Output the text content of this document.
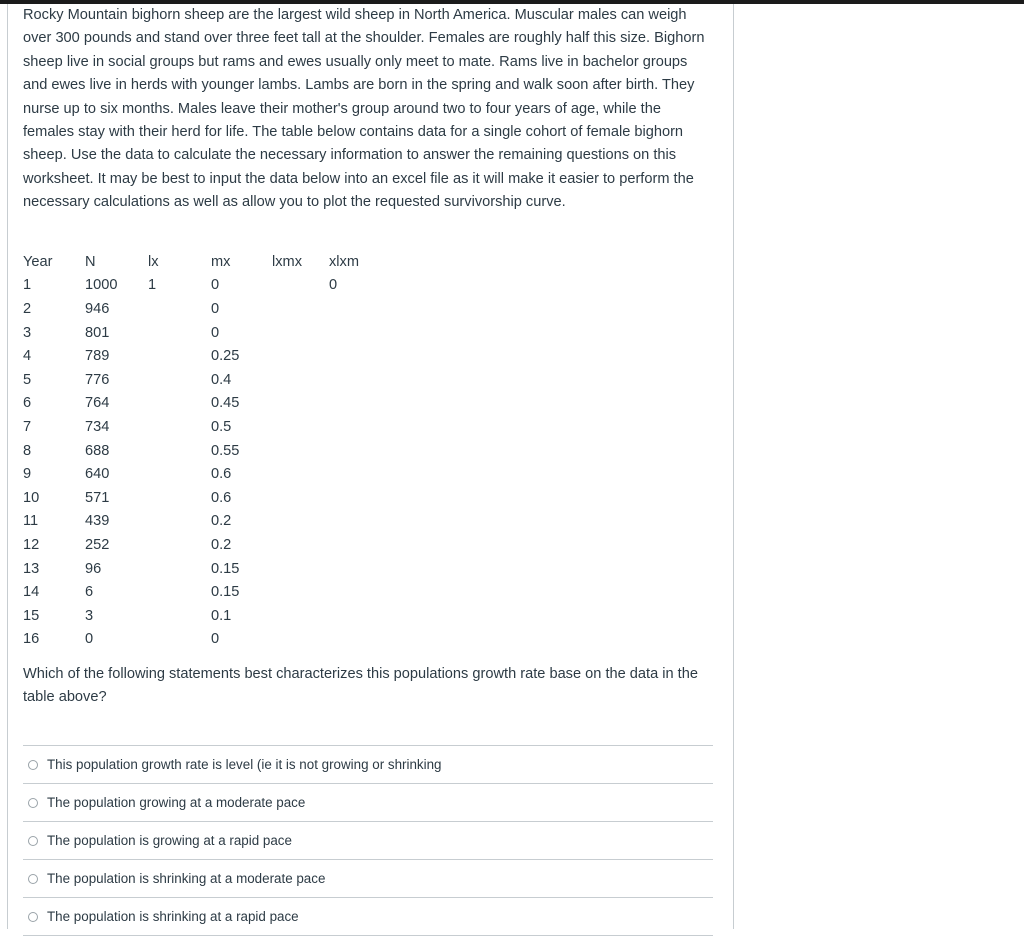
Rocky Mountain bighorn sheep are the largest wild sheep in North America. Muscular males can weigh over 300 pounds and stand over three feet tall at the shoulder. Females are roughly half this size. Bighorn sheep live in social groups but rams and ewes usually only meet to mate. Rams live in bachelor groups and ewes live in herds with younger lambs. Lambs are born in the spring and walk soon after birth. They nurse up to six months. Males leave their mother's group around two to four years of age, while the females stay with their herd for life. The table below contains data for a single cohort of female bighorn sheep. Use the data to calculate the necessary information to answer the remaining questions on this worksheet. It may be best to input the data below into an excel file as it will make it easier to perform the necessary calculations as well as allow you to plot the requested survivorship curve.

Year	N	lx	mx	lxmx	xlxm
1	1000	1	0		0
2	946		0		
3	801		0		
4	789		0.25		
5	776		0.4		
6	764		0.45		
7	734		0.5		
8	688		0.55		
9	640		0.6		
10	571		0.6		
11	439		0.2		
12	252		0.2		
13	96		0.15		
14	6		0.15		
15	3		0.1		
16	0		0		

Which of the following statements best characterizes this populations growth rate base on the data in the table above?

This population growth rate is level (ie it is not growing or shrinking
The population growing at a moderate pace
The population is growing at a rapid pace
The population is shrinking at a moderate pace
The population is shrinking at a rapid pace
